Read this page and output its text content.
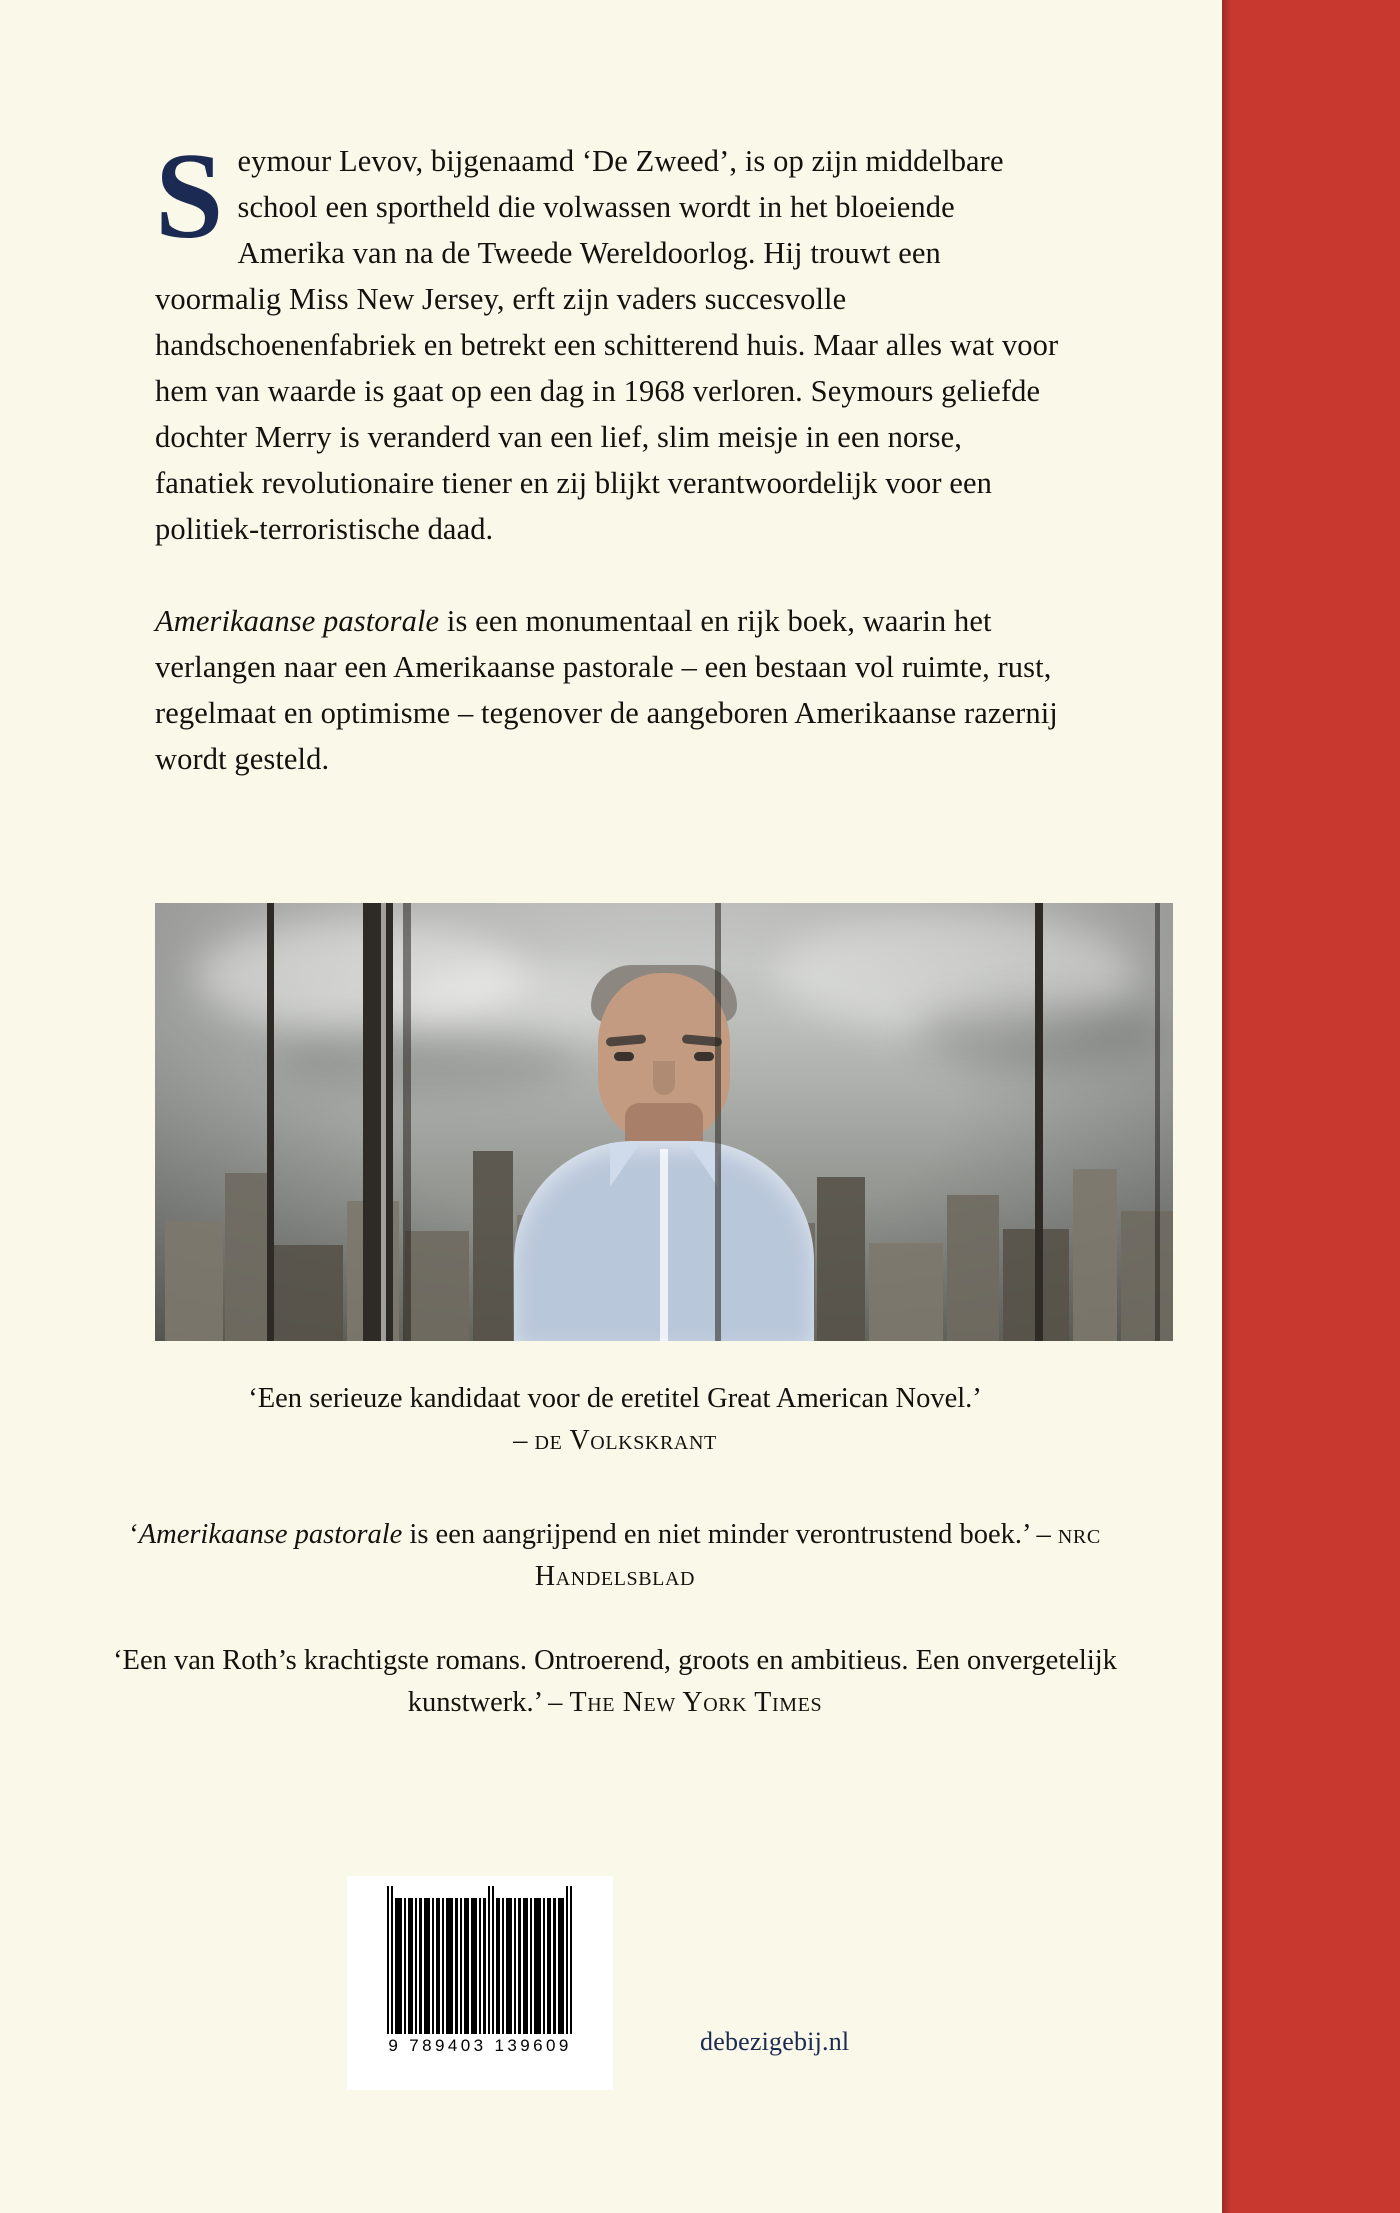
Seymour Levov, bijgenaamd ‘De Zweed’, is op zijn middelbare school een sportheld die volwassen wordt in het bloeiende Amerika van na de Tweede Wereldoorlog. Hij trouwt een voormalig Miss New Jersey, erft zijn vaders succesvolle handschoenenfabriek en betrekt een schitterend huis. Maar alles wat voor hem van waarde is gaat op een dag in 1968 verloren. Seymours geliefde dochter Merry is veranderd van een lief, slim meisje in een norse, fanatiek revolutionaire tiener en zij blijkt verantwoordelijk voor een politiek-terroristische daad.

Amerikaanse pastorale is een monumentaal en rijk boek, waarin het verlangen naar een Amerikaanse pastorale – een bestaan vol ruimte, rust, regelmaat en optimisme – tegenover de aangeboren Amerikaanse razernij wordt gesteld.

‘Een serieuze kandidaat voor de eretitel Great American Novel.’
– de Volkskrant

‘Amerikaanse pastorale is een aangrijpend en niet minder verontrustend boek.’ – nrc Handelsblad

‘Een van Roth’s krachtigste romans. Ontroerend, groots en ambitieus. Een onvergetelijk kunstwerk.’ – The New York Times

9 789403 139609	debezigebij.nl
